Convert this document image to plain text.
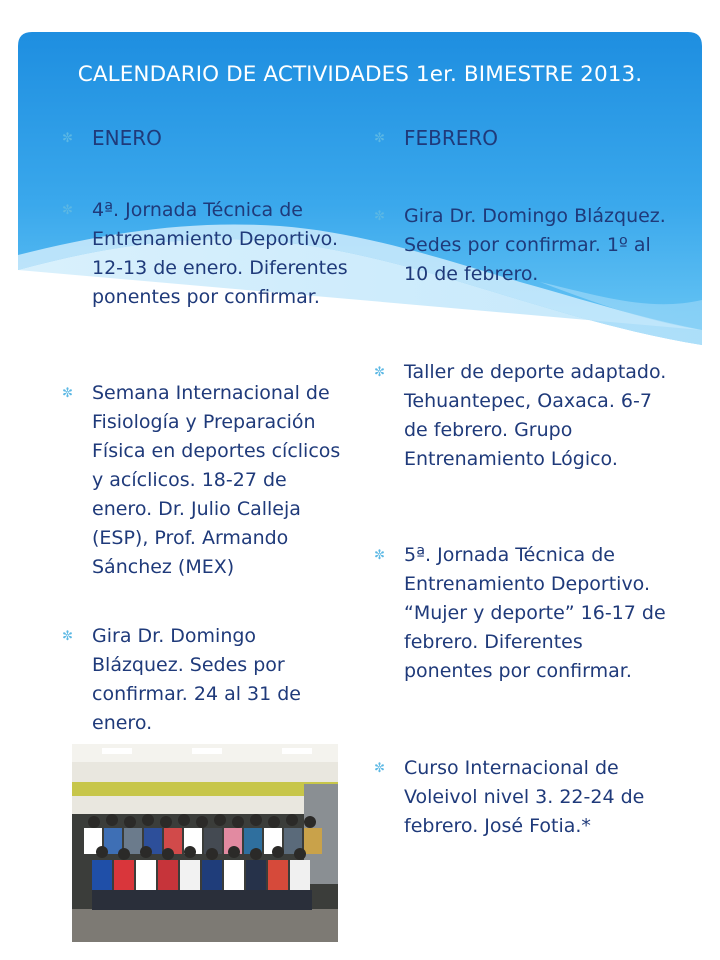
CALENDARIO DE ACTIVIDADES 1er. BIMESTRE 2013.
✼ ENERO
✼	4ª. Jornada Técnica de Entrenamiento Deportivo. 12-13 de enero. Diferentes ponentes por confirmar.
✼	Semana Internacional de Fisiología y Preparación Física en deportes cíclicos y acíclicos. 18-27 de enero. Dr. Julio Calleja (ESP), Prof. Armando Sánchez (MEX)
✼	Gira Dr. Domingo Blázquez. Sedes por confirmar. 24 al 31 de enero.
✼ FEBRERO
✼	Gira Dr. Domingo Blázquez. Sedes por confirmar. 1º al 10 de febrero.
✼	Taller de deporte adaptado. Tehuantepec, Oaxaca. 6-7 de febrero. Grupo Entrenamiento Lógico.
✼	5ª. Jornada Técnica de Entrenamiento Deportivo. “Mujer y deporte” 16-17 de febrero. Diferentes ponentes por confirmar.
✼	Curso Internacional de Voleivol nivel 3. 22-24 de febrero. José Fotia.*
